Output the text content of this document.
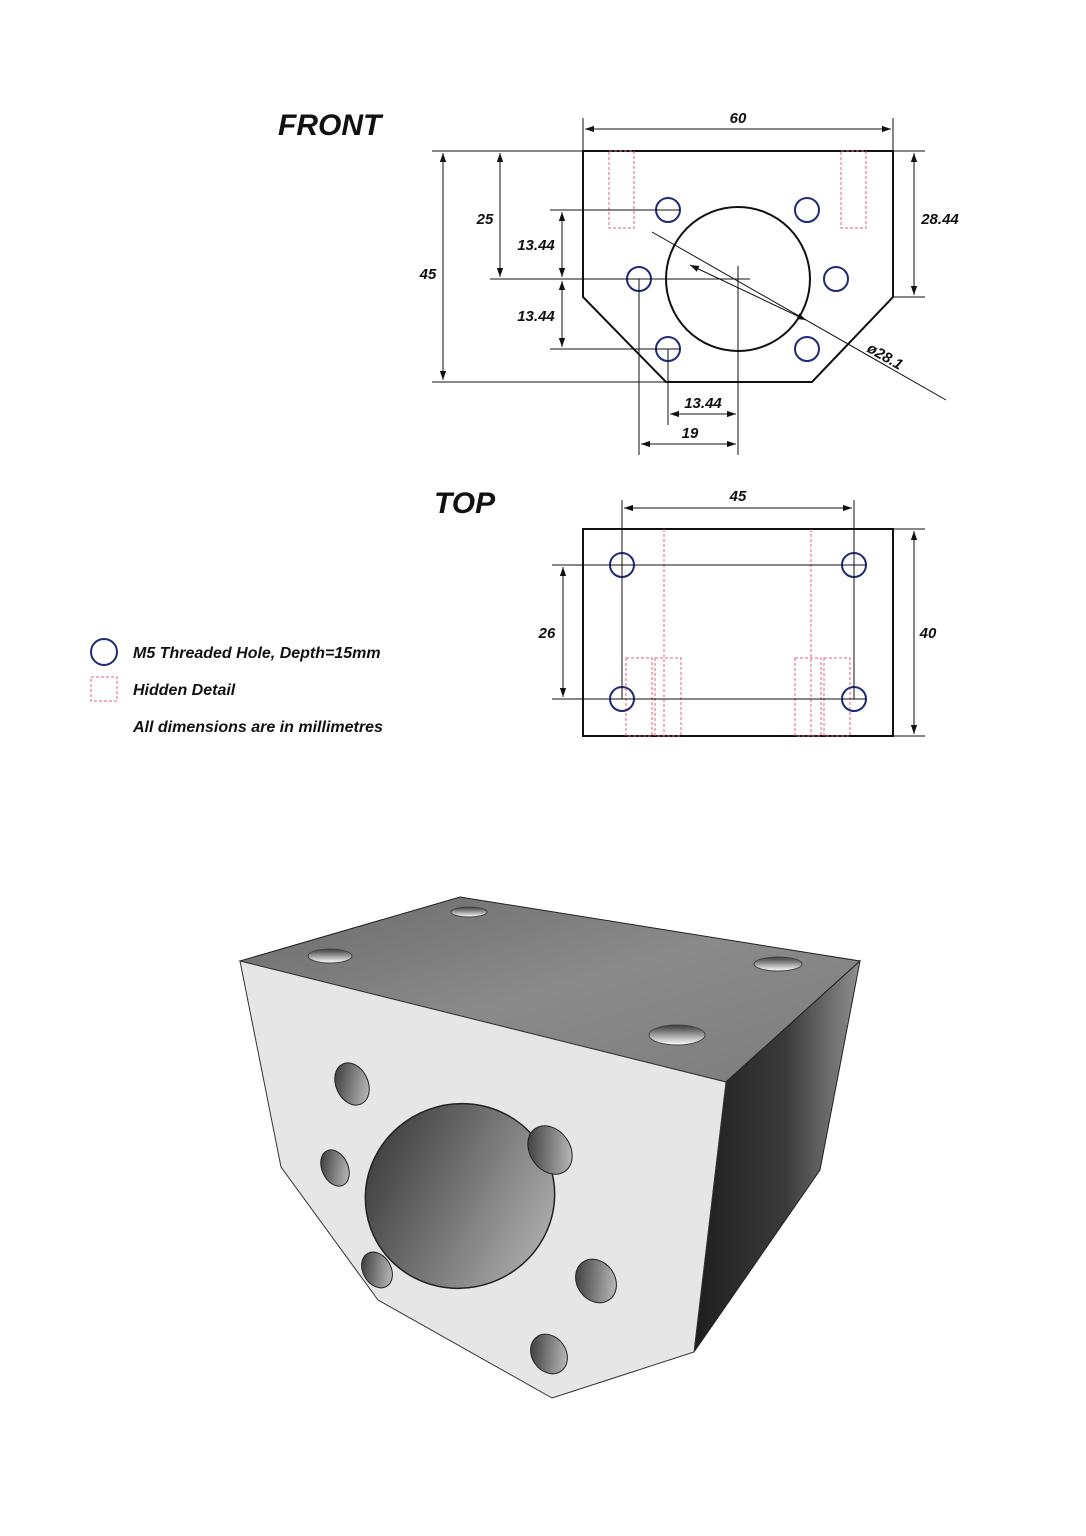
FRONT	60
45
25
13.44
13.44
28.44
ø28.1
13.44
19
TOP	45
26	40
M5 Threaded Hole, Depth=15mm
Hidden Detail
All dimensions are in millimetres
